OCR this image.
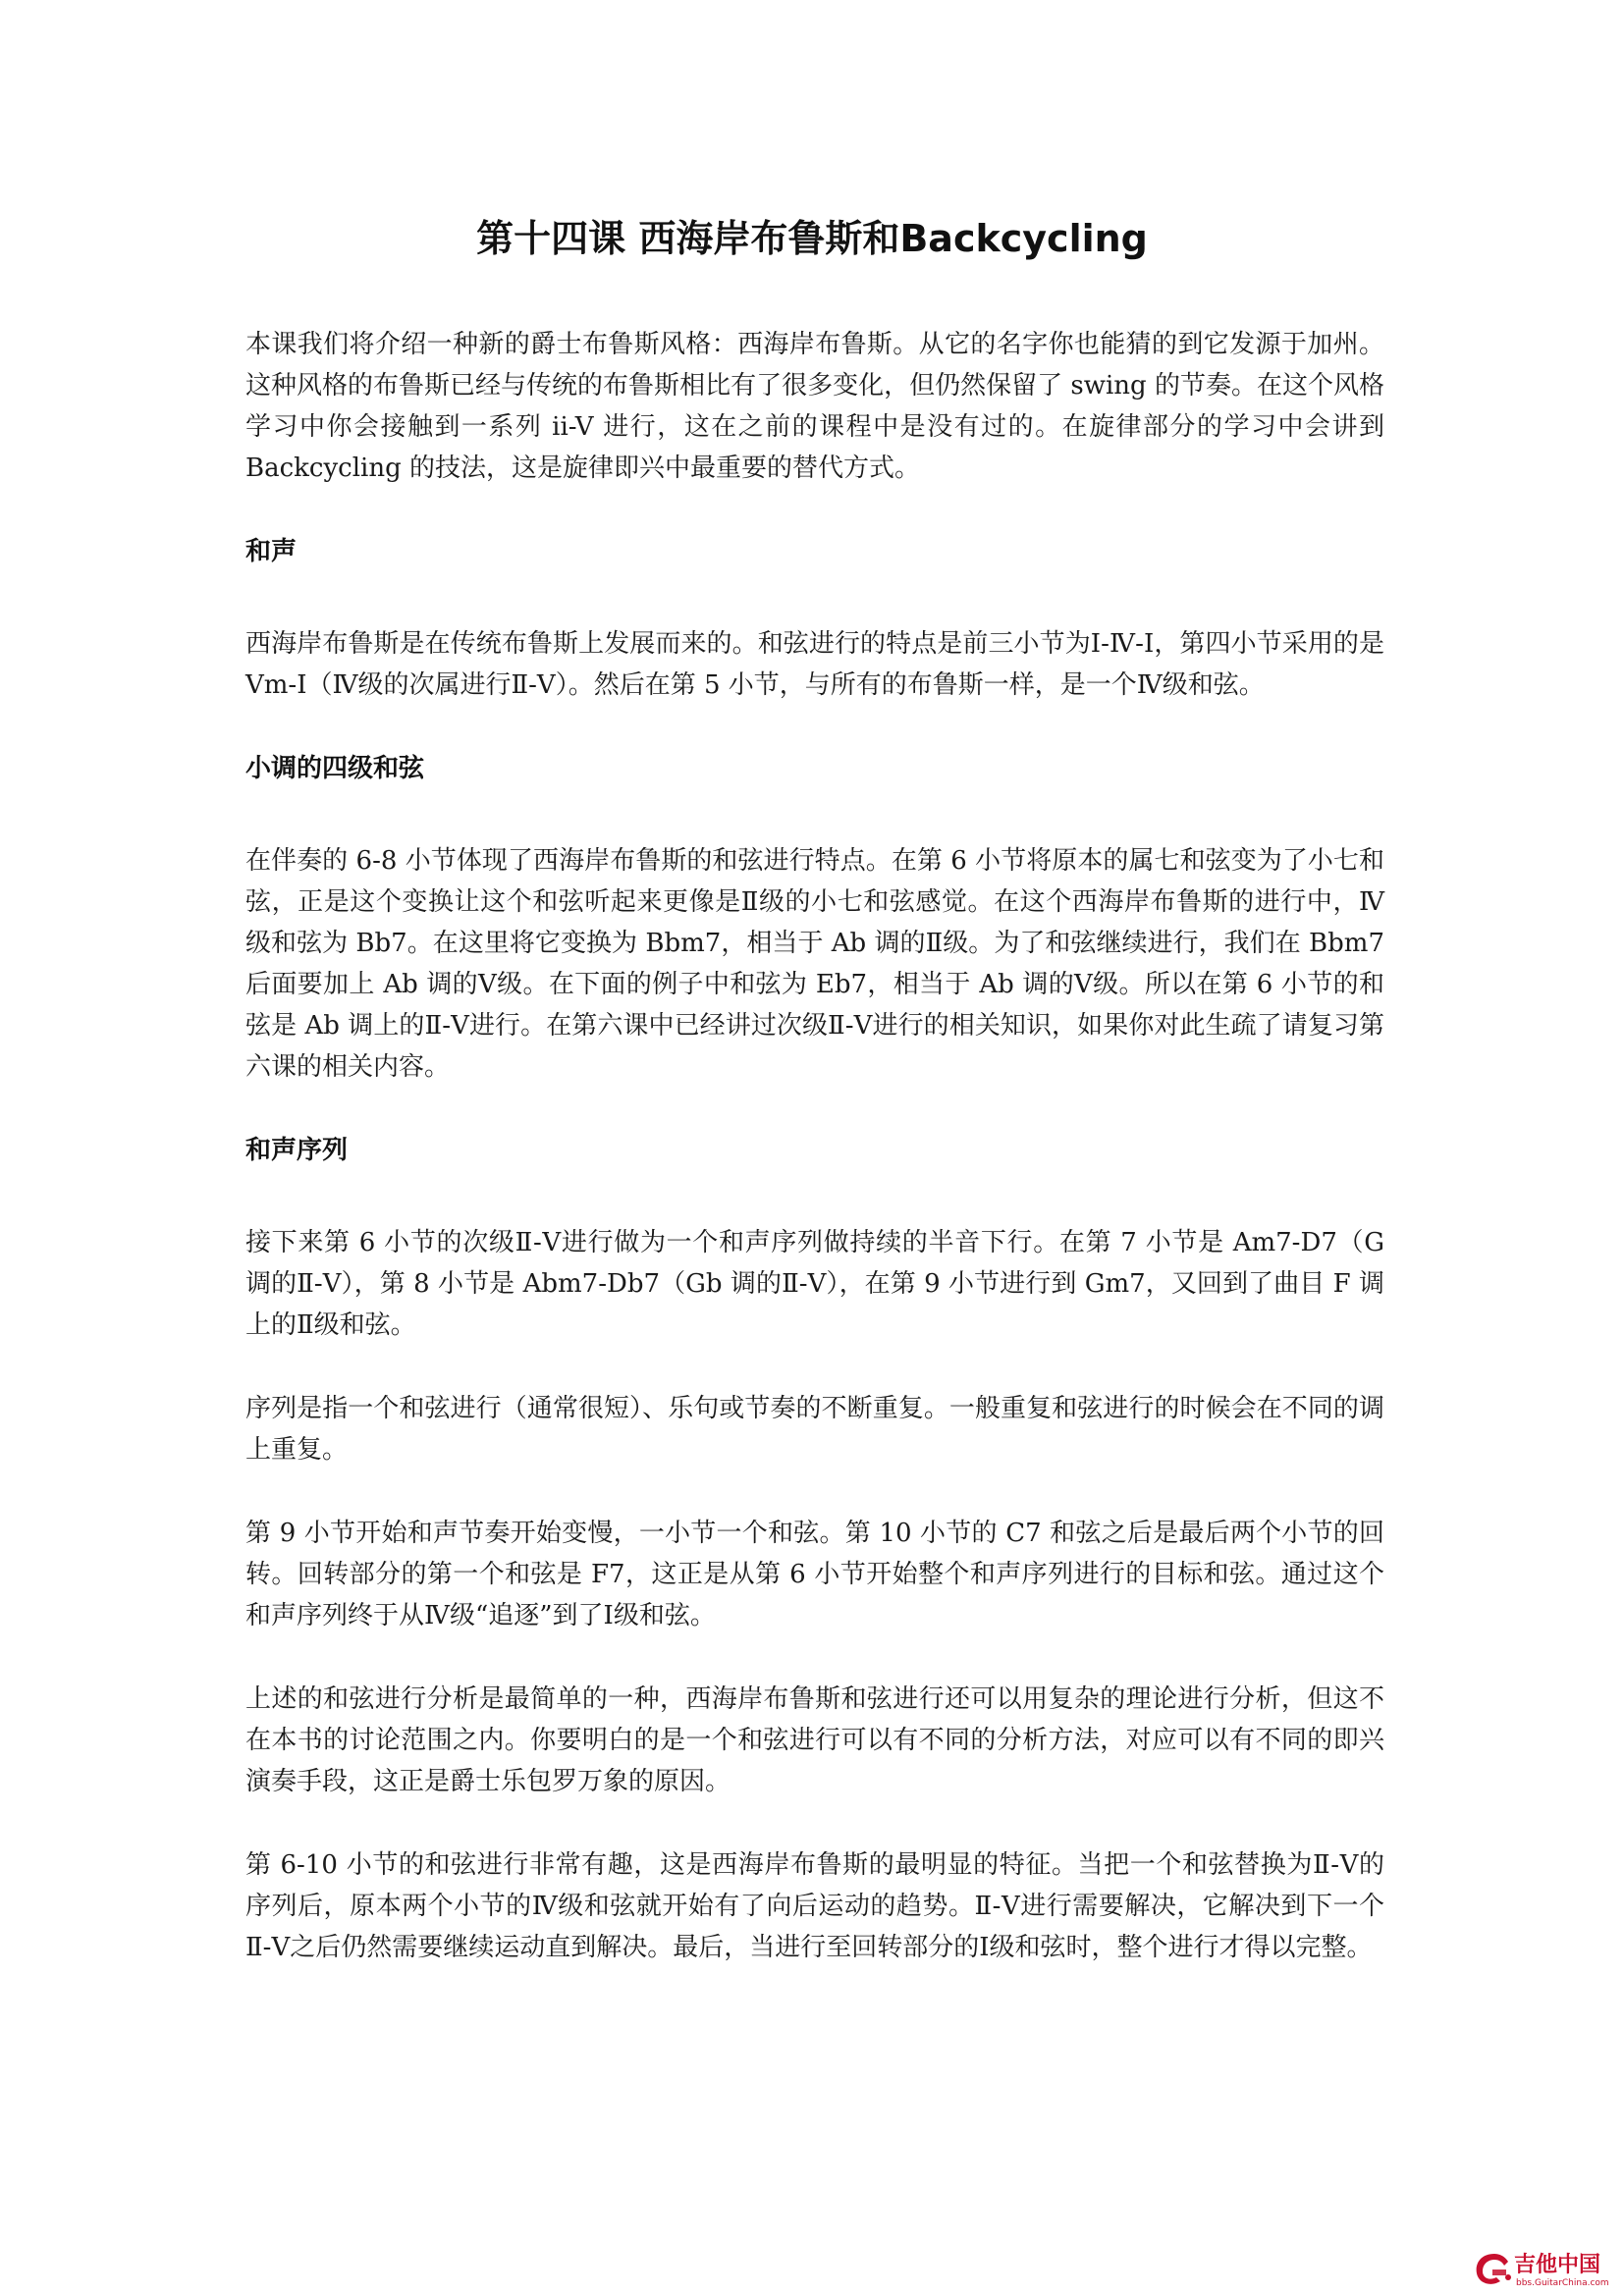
第十四课 西海岸布鲁斯和Backcycling

本课我们将介绍一种新的爵士布鲁斯风格：西海岸布鲁斯。从它的名字你也能猜的到它发源于加州。这种风格的布鲁斯已经与传统的布鲁斯相比有了很多变化，但仍然保留了 swing 的节奏。在这个风格学习中你会接触到一系列 ii-V 进行，这在之前的课程中是没有过的。在旋律部分的学习中会讲到 Backcycling 的技法，这是旋律即兴中最重要的替代方式。

和声

西海岸布鲁斯是在传统布鲁斯上发展而来的。和弦进行的特点是前三小节为Ⅰ-Ⅳ-Ⅰ，第四小节采用的是 Vm-I（Ⅳ级的次属进行Ⅱ-Ⅴ）。然后在第 5 小节，与所有的布鲁斯一样，是一个Ⅳ级和弦。

小调的四级和弦

在伴奏的 6-8 小节体现了西海岸布鲁斯的和弦进行特点。在第 6 小节将原本的属七和弦变为了小七和弦，正是这个变换让这个和弦听起来更像是Ⅱ级的小七和弦感觉。在这个西海岸布鲁斯的进行中，Ⅳ级和弦为 Bb7。在这里将它变换为 Bbm7，相当于 Ab 调的Ⅱ级。为了和弦继续进行，我们在 Bbm7 后面要加上 Ab 调的Ⅴ级。在下面的例子中和弦为 Eb7，相当于 Ab 调的Ⅴ级。所以在第 6 小节的和弦是 Ab 调上的Ⅱ-Ⅴ进行。在第六课中已经讲过次级Ⅱ-Ⅴ进行的相关知识，如果你对此生疏了请复习第六课的相关内容。

和声序列

接下来第 6 小节的次级Ⅱ-Ⅴ进行做为一个和声序列做持续的半音下行。在第 7 小节是 Am7-D7（G 调的Ⅱ-Ⅴ），第 8 小节是 Abm7-Db7（Gb 调的Ⅱ-Ⅴ），在第 9 小节进行到 Gm7，又回到了曲目 F 调上的Ⅱ级和弦。

序列是指一个和弦进行（通常很短）、乐句或节奏的不断重复。一般重复和弦进行的时候会在不同的调上重复。

第 9 小节开始和声节奏开始变慢，一小节一个和弦。第 10 小节的 C7 和弦之后是最后两个小节的回转。回转部分的第一个和弦是 F7，这正是从第 6 小节开始整个和声序列进行的目标和弦。通过这个和声序列终于从Ⅳ级“追逐”到了Ⅰ级和弦。

上述的和弦进行分析是最简单的一种，西海岸布鲁斯和弦进行还可以用复杂的理论进行分析，但这不在本书的讨论范围之内。你要明白的是一个和弦进行可以有不同的分析方法，对应可以有不同的即兴演奏手段，这正是爵士乐包罗万象的原因。

第 6-10 小节的和弦进行非常有趣，这是西海岸布鲁斯的最明显的特征。当把一个和弦替换为Ⅱ-Ⅴ的序列后，原本两个小节的Ⅳ级和弦就开始有了向后运动的趋势。Ⅱ-Ⅴ进行需要解决，它解决到下一个Ⅱ-Ⅴ之后仍然需要继续运动直到解决。最后，当进行至回转部分的Ⅰ级和弦时，整个进行才得以完整。

吉他中国
bbs.GuitarChina.com
